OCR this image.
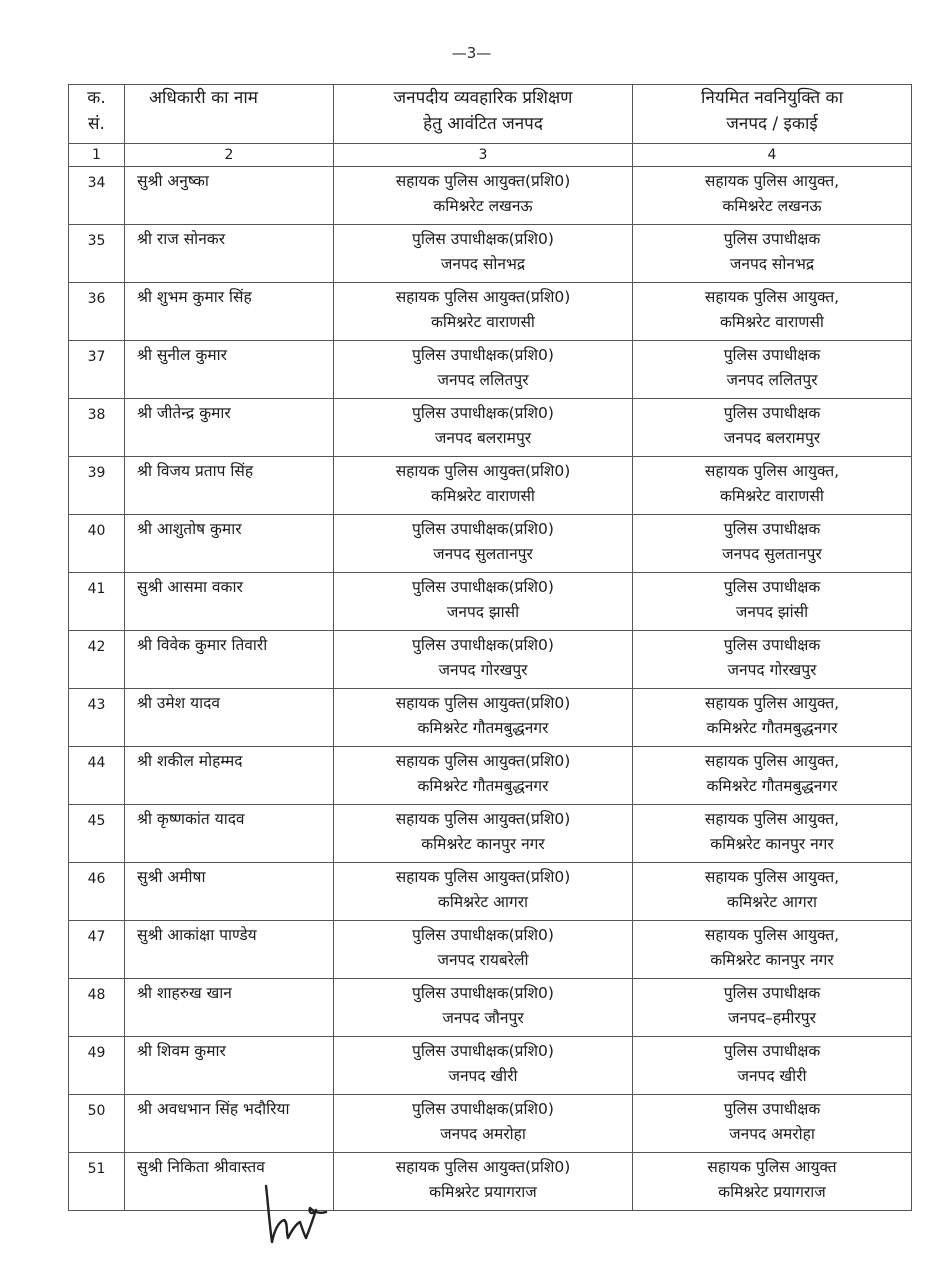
—3—
क.
सं.	अधिकारी का नाम	जनपदीय व्यवहारिक प्रशिक्षण
हेतु आवंटित जनपद	नियमित नवनियुक्ति का
जनपद / इकाई

1	2	3	4
34	सुश्री अनुष्का	सहायक पुलिस आयुक्त(प्रशि0)
कमिश्नरेट लखनऊ	सहायक पुलिस आयुक्त,
कमिश्नरेट लखनऊ

35	श्री राज सोनकर	पुलिस उपाधीक्षक(प्रशि0)
जनपद सोनभद्र	पुलिस उपाधीक्षक
जनपद सोनभद्र

36	श्री शुभम कुमार सिंह	सहायक पुलिस आयुक्त(प्रशि0)
कमिश्नरेट वाराणसी	सहायक पुलिस आयुक्त,
कमिश्नरेट वाराणसी

37	श्री सुनील कुमार	पुलिस उपाधीक्षक(प्रशि0)
जनपद ललितपुर	पुलिस उपाधीक्षक
जनपद ललितपुर

38	श्री जीतेन्द्र कुमार	पुलिस उपाधीक्षक(प्रशि0)
जनपद बलरामपुर	पुलिस उपाधीक्षक
जनपद बलरामपुर

39	श्री विजय प्रताप सिंह	सहायक पुलिस आयुक्त(प्रशि0)
कमिश्नरेट वाराणसी	सहायक पुलिस आयुक्त,
कमिश्नरेट वाराणसी

40	श्री आशुतोष कुमार	पुलिस उपाधीक्षक(प्रशि0)
जनपद सुलतानपुर	पुलिस उपाधीक्षक
जनपद सुलतानपुर

41	सुश्री आसमा वकार	पुलिस उपाधीक्षक(प्रशि0)
जनपद झासी	पुलिस उपाधीक्षक
जनपद झांसी

42	श्री विवेक कुमार तिवारी	पुलिस उपाधीक्षक(प्रशि0)
जनपद गोरखपुर	पुलिस उपाधीक्षक
जनपद गोरखपुर

43	श्री उमेश यादव	सहायक पुलिस आयुक्त(प्रशि0)
कमिश्नरेट गौतमबुद्धनगर	सहायक पुलिस आयुक्त,
कमिश्नरेट गौतमबुद्धनगर

44	श्री शकील मोहम्मद	सहायक पुलिस आयुक्त(प्रशि0)
कमिश्नरेट गौतमबुद्धनगर	सहायक पुलिस आयुक्त,
कमिश्नरेट गौतमबुद्धनगर

45	श्री कृष्णकांत यादव	सहायक पुलिस आयुक्त(प्रशि0)
कमिश्नरेट कानपुर नगर	सहायक पुलिस आयुक्त,
कमिश्नरेट कानपुर नगर

46	सुश्री अमीषा	सहायक पुलिस आयुक्त(प्रशि0)
कमिश्नरेट आगरा	सहायक पुलिस आयुक्त,
कमिश्नरेट आगरा

47	सुश्री आकांक्षा पाण्डेय	पुलिस उपाधीक्षक(प्रशि0)
जनपद रायबरेली	सहायक पुलिस आयुक्त,
कमिश्नरेट कानपुर नगर

48	श्री शाहरुख खान	पुलिस उपाधीक्षक(प्रशि0)
जनपद जौनपुर	पुलिस उपाधीक्षक
जनपद–हमीरपुर

49	श्री शिवम कुमार	पुलिस उपाधीक्षक(प्रशि0)
जनपद खीरी	पुलिस उपाधीक्षक
जनपद खीरी

50	श्री अवधभान सिंह भदौरिया	पुलिस उपाधीक्षक(प्रशि0)
जनपद अमरोहा	पुलिस उपाधीक्षक
जनपद अमरोहा

51	सुश्री निकिता श्रीवास्तव	सहायक पुलिस आयुक्त(प्रशि0)
कमिश्नरेट प्रयागराज	सहायक पुलिस आयुक्त
कमिश्नरेट प्रयागराज
